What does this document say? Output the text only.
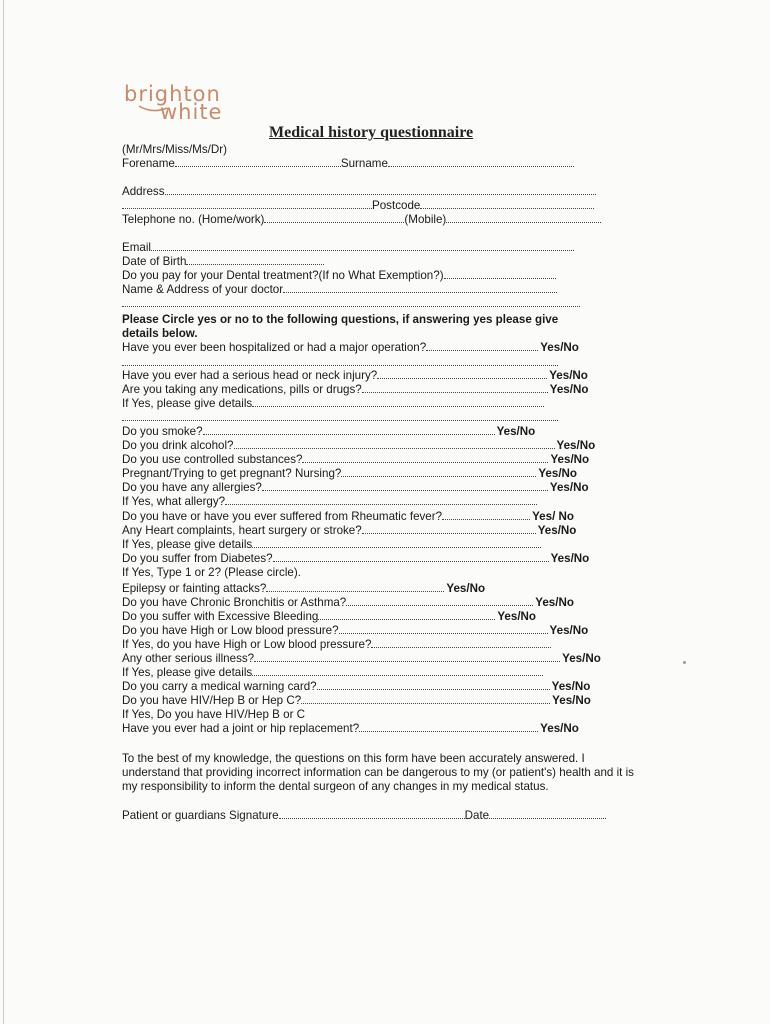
brighton
white
Medical history questionnaire
(Mr/Mrs/Miss/Ms/Dr)
Forename	Surname
Address
Postcode
Telephone no. (Home/work)	(Mobile)
Email
Date of Birth
Do you pay for your Dental treatment?(If no What Exemption?)
Name & Address of your doctor
Please Circle yes or no to the following questions, if answering yes please give
details below.
Have you ever been hospitalized or had a major operation?	Yes/No
Have you ever had a serious head or neck injury?	Yes/No
Are you taking any medications, pills or drugs?	Yes/No
If Yes, please give details
Do you smoke?	Yes/No
Do you drink alcohol?	Yes/No
Do you use controlled substances?	Yes/No
Pregnant/Trying to get pregnant? Nursing?	Yes/No
Do you have any allergies?	Yes/No
If Yes, what allergy?
Do you have or have you ever suffered from Rheumatic fever?	Yes/ No
Any Heart complaints, heart surgery or stroke?	Yes/No
If Yes, please give details
Do you suffer from Diabetes?	Yes/No
If Yes, Type 1 or 2? (Please circle).
Epilepsy or fainting attacks?	Yes/No
Do you have Chronic Bronchitis or Asthma?	Yes/No
Do you suffer with Excessive Bleeding	Yes/No
Do you have High or Low blood pressure?	Yes/No
If Yes, do you have High or Low blood pressure?
Any other serious illness?	Yes/No
If Yes, please give details
Do you carry a medical warning card?	Yes/No
Do you have HIV/Hep B or Hep C?	Yes/No
If Yes, Do you have HIV/Hep B or C
Have you ever had a joint or hip replacement?	Yes/No
To the best of my knowledge, the questions on this form have been accurately answered. I understand that providing incorrect information can be dangerous to my (or patient's) health and it is my responsibility to inform the dental surgeon of any changes in my medical status.
Patient or guardians Signature	Date
